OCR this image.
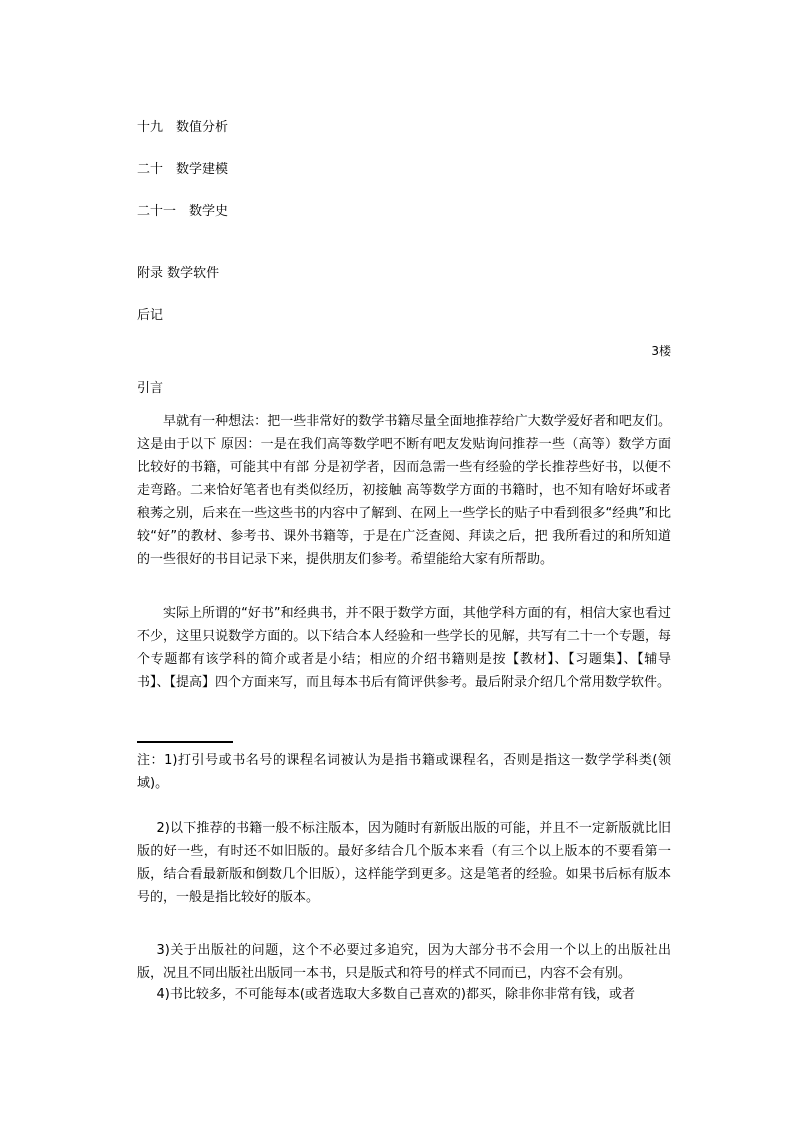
十九　数值分析
二十　数学建模
二十一　数学史
附录 数学软件
后记
3楼
引言

早就有一种想法：把一些非常好的数学书籍尽量全面地推荐给广大数学爱好者和吧友们。这是由于以下 原因：一是在我们高等数学吧不断有吧友发贴询问推荐一些（高等）数学方面比较好的书籍，可能其中有部 分是初学者，因而急需一些有经验的学长推荐些好书，以便不走弯路。二来恰好笔者也有类似经历，初接触 高等数学方面的书籍时，也不知有啥好坏或者稂莠之别，后来在一些这些书的内容中了解到、在网上一些学长的贴子中看到很多“经典”和比较“好”的教材、参考书、课外书籍等，于是在广泛查阅、拜读之后，把 我所看过的和所知道的一些很好的书目记录下来，提供朋友们参考。希望能给大家有所帮助。

实际上所谓的“好书”和经典书，并不限于数学方面，其他学科方面的有，相信大家也看过不少，这里只说数学方面的。以下结合本人经验和一些学长的见解，共写有二十一个专题，每个专题都有该学科的简介或者是小结；相应的介绍书籍则是按【教材】、【习题集】、【辅导书】、【提高】四个方面来写，而且每本书后有简评供参考。最后附录介绍几个常用数学软件。

注：1)打引号或书名号的课程名词被认为是指书籍或课程名，否则是指这一数学学科类(领域)。

2)以下推荐的书籍一般不标注版本，因为随时有新版出版的可能，并且不一定新版就比旧版的好一些，有时还不如旧版的。最好多结合几个版本来看（有三个以上版本的不要看第一版，结合看最新版和倒数几个旧版），这样能学到更多。这是笔者的经验。如果书后标有版本号的，一般是指比较好的版本。

3)关于出版社的问题，这个不必要过多追究，因为大部分书不会用一个以上的出版社出版，况且不同出版社出版同一本书，只是版式和符号的样式不同而已，内容不会有别。

4)书比较多，不可能每本(或者选取大多数自己喜欢的)都买，除非你非常有钱，或者
